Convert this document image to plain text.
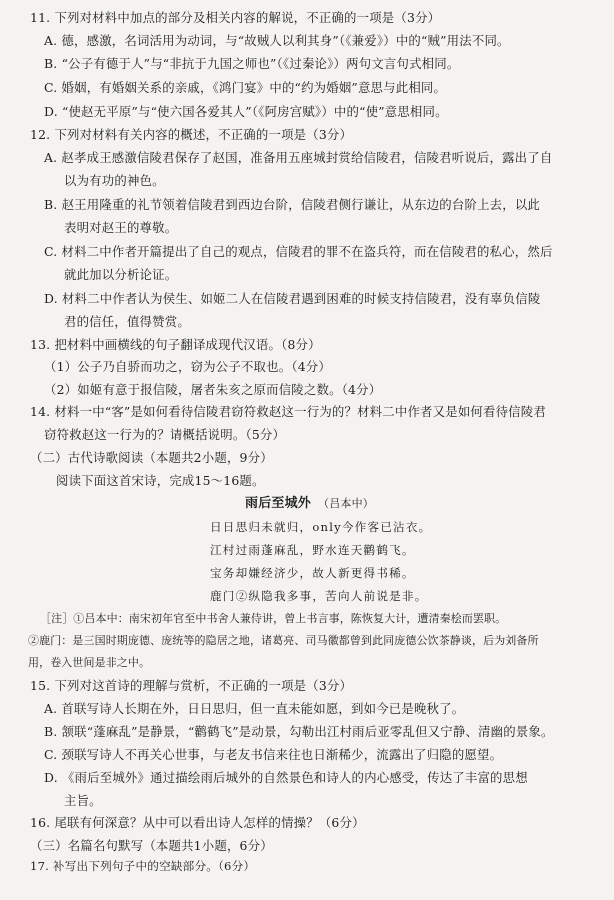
11. 下列对材料中加点的部分及相关内容的解说，不正确的一项是（3分）
A. 德，感激，名词活用为动词，与“故贼人以利其身”（《兼爱》）中的“贼”用法不同。
B. “公子有德于人”与“非抗于九国之师也”（《过秦论》）两句文言句式相同。
C. 婚姻，有婚姻关系的亲戚，《鸿门宴》中的“约为婚姻”意思与此相同。
D. “使赵无平原”与“使六国各爱其人”（《阿房宫赋》）中的“使”意思相同。
12. 下列对材料有关内容的概述，不正确的一项是（3分）
A. 赵孝成王感激信陵君保存了赵国，准备用五座城封赏给信陵君，信陵君听说后，露出了自
以为有功的神色。
B. 赵王用隆重的礼节领着信陵君到西边台阶，信陵君侧行谦让，从东边的台阶上去，以此
表明对赵王的尊敬。
C. 材料二中作者开篇提出了自己的观点，信陵君的罪不在盗兵符，而在信陵君的私心，然后
就此加以分析论证。
D. 材料二中作者认为侯生、如姬二人在信陵君遇到困难的时候支持信陵君，没有辜负信陵
君的信任，值得赞赏。
13. 把材料中画横线的句子翻译成现代汉语。（8分）
（1）公子乃自骄而功之，窃为公子不取也。（4分）
（2）如姬有意于报信陵，屠者朱亥之原而信陵之数。（4分）
14. 材料一中“客”是如何看待信陵君窃符救赵这一行为的？材料二中作者又是如何看待信陵君
窃符救赵这一行为的？请概括说明。（5分）
（二）古代诗歌阅读（本题共2小题，9分）
阅读下面这首宋诗，完成15～16题。
雨后至城外 （吕本中）
日日思归未就归，only今作客已沾衣。
江村过雨蓬麻乱，野水连天鹳鹤飞。
宝务却嫌经济少，故人新更得书稀。
鹿门②纵隐我多事，苦向人前说是非。
［注］①吕本中：南宋初年官至中书舍人兼侍讲，曾上书言事，陈恢复大计，遭清秦桧而罢职。
②鹿门：是三国时期庞德、庞统等的隐居之地，诸葛亮、司马徽都曾到此同庞德公饮茶静谈，后为刘备所
用，卷入世间是非之中。
15. 下列对这首诗的理解与赏析，不正确的一项是（3分）
A. 首联写诗人长期在外，日日思归，但一直未能如愿，到如今已是晚秋了。
B. 颔联“蓬麻乱”是静景，“鹳鹤飞”是动景，勾勒出江村雨后亚零乱但又宁静、清幽的景象。
C. 颈联写诗人不再关心世事，与老友书信来往也日渐稀少，流露出了归隐的愿望。
D. 《雨后至城外》通过描绘雨后城外的自然景色和诗人的内心感受，传达了丰富的思想
主旨。
16. 尾联有何深意？从中可以看出诗人怎样的情操？（6分）
（三）名篇名句默写（本题共1小题，6分）
17. 补写出下列句子中的空缺部分。（6分）
